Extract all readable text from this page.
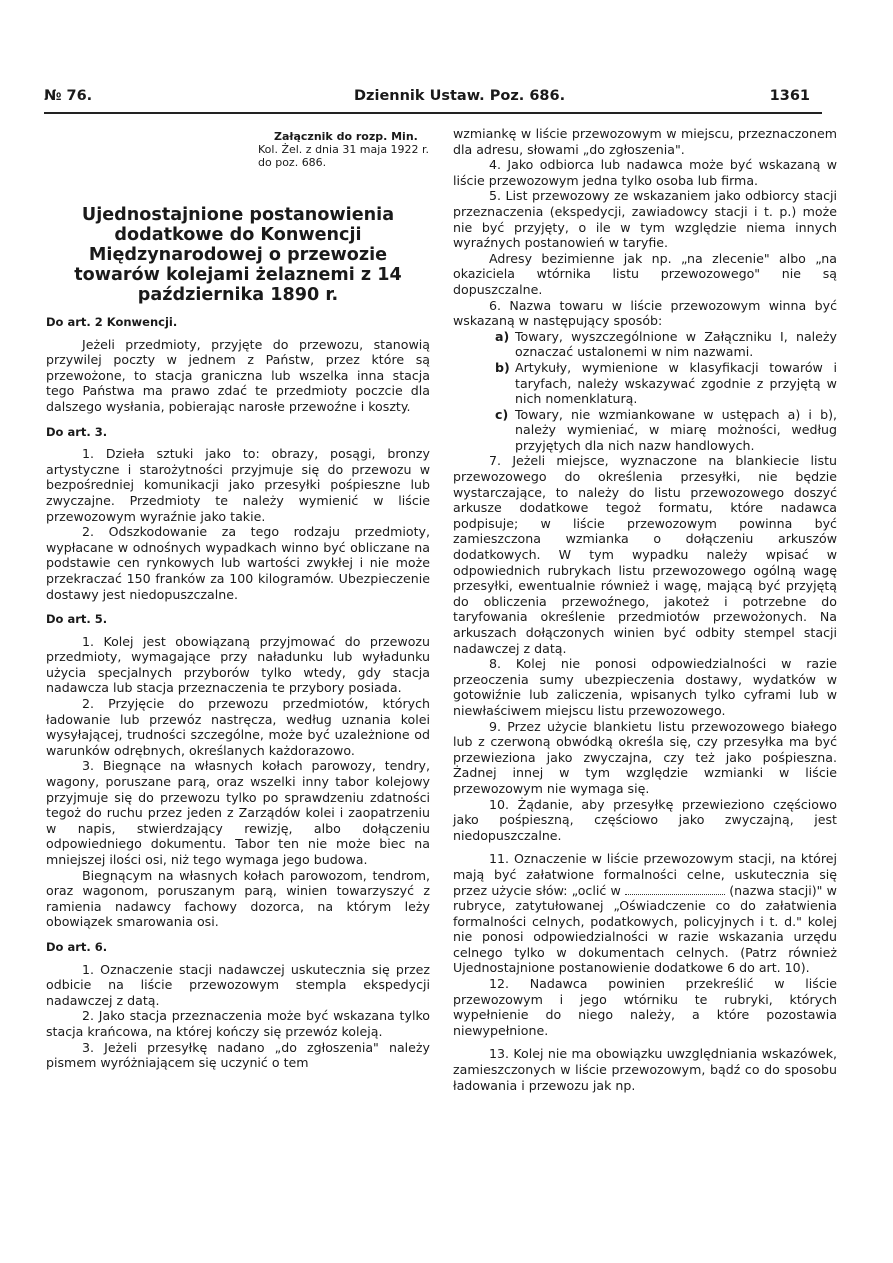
№ 76.	Dziennik Ustaw. Poz. 686.	1361
Załącznik do rozp. Min.
Kol. Żel. z dnia 31 maja 1922 r.
do poz. 686.
Ujednostajnione postanowienia dodatkowe do Konwencji Międzynarodowej o przewozie towarów kolejami żelaznemi z 14 października 1890 r.
Do art. 2 Konwencji.

Jeżeli przedmioty, przyjęte do przewozu, stanowią przywilej poczty w jednem z Państw, przez które są przewożone, to stacja graniczna lub wszelka inna stacja tego Państwa ma prawo zdać te przedmioty poczcie dla dalszego wysłania, pobierając narosłe przewoźne i koszty.

Do art. 3.

1. Dzieła sztuki jako to: obrazy, posągi, bronzy artystyczne i starożytności przyjmuje się do przewozu w bezpośredniej komunikacji jako przesyłki pośpieszne lub zwyczajne. Przedmioty te należy wymienić w liście przewozowym wyraźnie jako takie.

2. Odszkodowanie za tego rodzaju przedmioty, wypłacane w odnośnych wypadkach winno być obliczane na podstawie cen rynkowych lub wartości zwykłej i nie może przekraczać 150 franków za 100 kilogramów. Ubezpieczenie dostawy jest niedopuszczalne.

Do art. 5.

1. Kolej jest obowiązaną przyjmować do przewozu przedmioty, wymagające przy naładunku lub wyładunku użycia specjalnych przyborów tylko wtedy, gdy stacja nadawcza lub stacja przeznaczenia te przybory posiada.

2. Przyjęcie do przewozu przedmiotów, których ładowanie lub przewóz nastręcza, według uznania kolei wysyłającej, trudności szczególne, może być uzależnione od warunków odrębnych, określanych każdorazowo.

3. Biegnące na własnych kołach parowozy, tendry, wagony, poruszane parą, oraz wszelki inny tabor kolejowy przyjmuje się do przewozu tylko po sprawdzeniu zdatności tegoż do ruchu przez jeden z Zarządów kolei i zaopatrzeniu w napis, stwierdzający rewizję, albo dołączeniu odpowiedniego dokumentu. Tabor ten nie może biec na mniejszej ilości osi, niż tego wymaga jego budowa.

Biegnącym na własnych kołach parowozom, tendrom, oraz wagonom, poruszanym parą, winien towarzyszyć z ramienia nadawcy fachowy dozorca, na którym leży obowiązek smarowania osi.

Do art. 6.

1. Oznaczenie stacji nadawczej uskutecznia się przez odbicie na liście przewozowym stempla ekspedycji nadawczej z datą.

2. Jako stacja przeznaczenia może być wskazana tylko stacja krańcowa, na której kończy się przewóz koleją.

3. Jeżeli przesyłkę nadano „do zgłoszenia" należy pismem wyróżniającem się uczynić o tem

wzmiankę w liście przewozowym w miejscu, przeznaczonem dla adresu, słowami „do zgłoszenia".

4. Jako odbiorca lub nadawca może być wskazaną w liście przewozowym jedna tylko osoba lub firma.

5. List przewozowy ze wskazaniem jako odbiorcy stacji przeznaczenia (ekspedycji, zawiadowcy stacji i t. p.) może nie być przyjęty, o ile w tym względzie niema innych wyraźnych postanowień w taryfie.

Adresy bezimienne jak np. „na zlecenie" albo „na okaziciela wtórnika listu przewozowego" nie są dopuszczalne.

6. Nazwa towaru w liście przewozowym winna być wskazaną w następujący sposób:

a) Towary, wyszczególnione w Załączniku I, należy oznaczać ustalonemi w nim nazwami.
b) Artykuły, wymienione w klasyfikacji towarów i taryfach, należy wskazywać zgodnie z przyjętą w nich nomenklaturą.
c) Towary, nie wzmiankowane w ustępach a) i b), należy wymieniać, w miarę możności, według przyjętych dla nich nazw handlowych.

7. Jeżeli miejsce, wyznaczone na blankiecie listu przewozowego do określenia przesyłki, nie będzie wystarczające, to należy do listu przewozowego doszyć arkusze dodatkowe tegoż formatu, które nadawca podpisuje; w liście przewozowym powinna być zamieszczona wzmianka o dołączeniu arkuszów dodatkowych. W tym wypadku należy wpisać w odpowiednich rubrykach listu przewozowego ogólną wagę przesyłki, ewentualnie również i wagę, mającą być przyjętą do obliczenia przewoźnego, jakoteż i potrzebne do taryfowania określenie przedmiotów przewożonych. Na arkuszach dołączonych winien być odbity stempel stacji nadawczej z datą.

8. Kolej nie ponosi odpowiedzialności w razie przeoczenia sumy ubezpieczenia dostawy, wydatków w gotowiźnie lub zaliczenia, wpisanych tylko cyframi lub w niewłaściwem miejscu listu przewozowego.

9. Przez użycie blankietu listu przewozowego białego lub z czerwoną obwódką określa się, czy przesyłka ma być przewieziona jako zwyczajna, czy też jako pośpieszna. Żadnej innej w tym względzie wzmianki w liście przewozowym nie wymaga się.

10. Żądanie, aby przesyłkę przewieziono częściowo jako pośpieszną, częściowo jako zwyczajną, jest niedopuszczalne.

11. Oznaczenie w liście przewozowym stacji, na której mają być załatwione formalności celne, uskutecznia się przez użycie słów: „oclić w	(nazwa stacji)" w rubryce, zatytułowanej „Oświadczenie co do załatwienia formalności celnych, podatkowych, policyjnych i t. d." kolej nie ponosi odpowiedzialności w razie wskazania urzędu celnego tylko w dokumentach celnych. (Patrz również Ujednostajnione postanowienie dodatkowe 6 do art. 10).

12. Nadawca powinien przekreślić w liście przewozowym i jego wtórniku te rubryki, których wypełnienie do niego należy, a które pozostawia niewypełnione.

13. Kolej nie ma obowiązku uwzględniania wskazówek, zamieszczonych w liście przewozowym, bądź co do sposobu ładowania i przewozu jak np.
